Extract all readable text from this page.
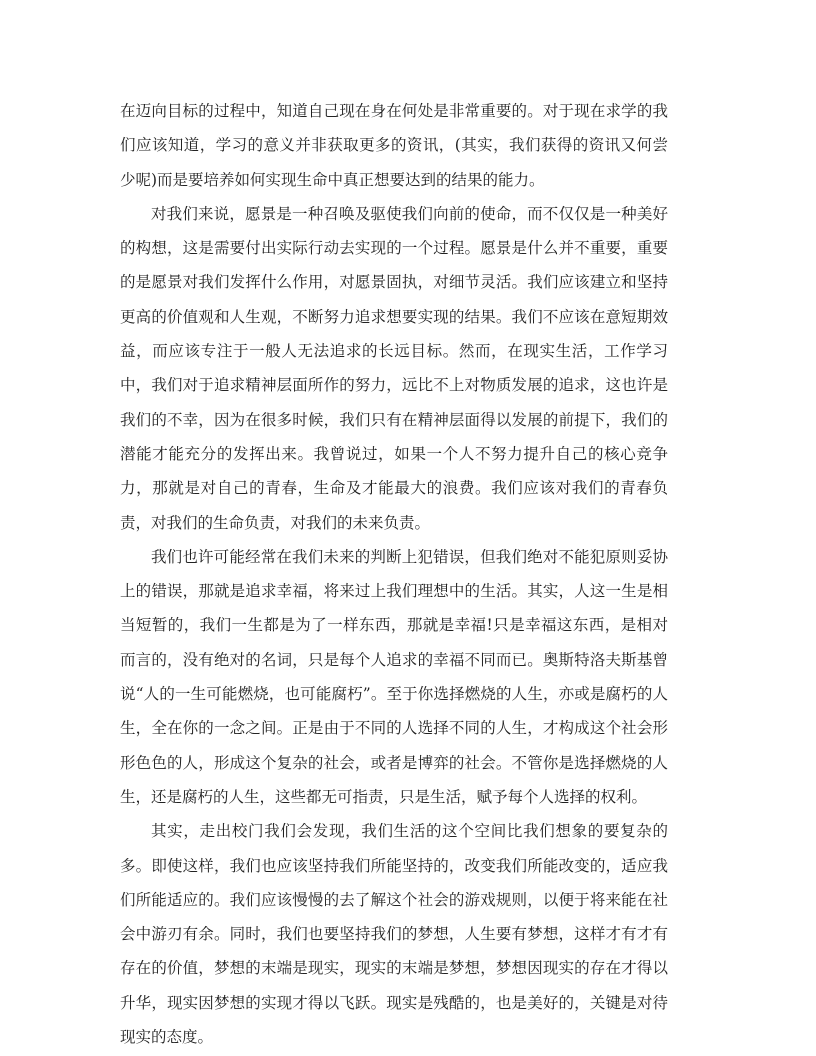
在迈向目标的过程中，知道自己现在身在何处是非常重要的。对于现在求学的我们应该知道，学习的意义并非获取更多的资讯，(其实，我们获得的资讯又何尝少呢)而是要培养如何实现生命中真正想要达到的结果的能力。

对我们来说，愿景是一种召唤及驱使我们向前的使命，而不仅仅是一种美好的构想，这是需要付出实际行动去实现的一个过程。愿景是什么并不重要，重要的是愿景对我们发挥什么作用，对愿景固执，对细节灵活。我们应该建立和坚持更高的价值观和人生观，不断努力追求想要实现的结果。我们不应该在意短期效益，而应该专注于一般人无法追求的长远目标。然而，在现实生活，工作学习中，我们对于追求精神层面所作的努力，远比不上对物质发展的追求，这也许是我们的不幸，因为在很多时候，我们只有在精神层面得以发展的前提下，我们的潜能才能充分的发挥出来。我曾说过，如果一个人不努力提升自己的核心竞争力，那就是对自己的青春，生命及才能最大的浪费。我们应该对我们的青春负责，对我们的生命负责，对我们的未来负责。

我们也许可能经常在我们未来的判断上犯错误，但我们绝对不能犯原则妥协上的错误，那就是追求幸福，将来过上我们理想中的生活。其实，人这一生是相当短暂的，我们一生都是为了一样东西，那就是幸福!只是幸福这东西，是相对而言的，没有绝对的名词，只是每个人追求的幸福不同而已。奥斯特洛夫斯基曾说“人的一生可能燃烧，也可能腐朽”。至于你选择燃烧的人生，亦或是腐朽的人生，全在你的一念之间。正是由于不同的人选择不同的人生，才构成这个社会形形色色的人，形成这个复杂的社会，或者是博弈的社会。不管你是选择燃烧的人生，还是腐朽的人生，这些都无可指责，只是生活，赋予每个人选择的权利。

其实，走出校门我们会发现，我们生活的这个空间比我们想象的要复杂的多。即使这样，我们也应该坚持我们所能坚持的，改变我们所能改变的，适应我们所能适应的。我们应该慢慢的去了解这个社会的游戏规则，以便于将来能在社会中游刃有余。同时，我们也要坚持我们的梦想，人生要有梦想，这样才有才有存在的价值，梦想的末端是现实，现实的末端是梦想，梦想因现实的存在才得以升华，现实因梦想的实现才得以飞跃。现实是残酷的，也是美好的，关键是对待现实的态度。
